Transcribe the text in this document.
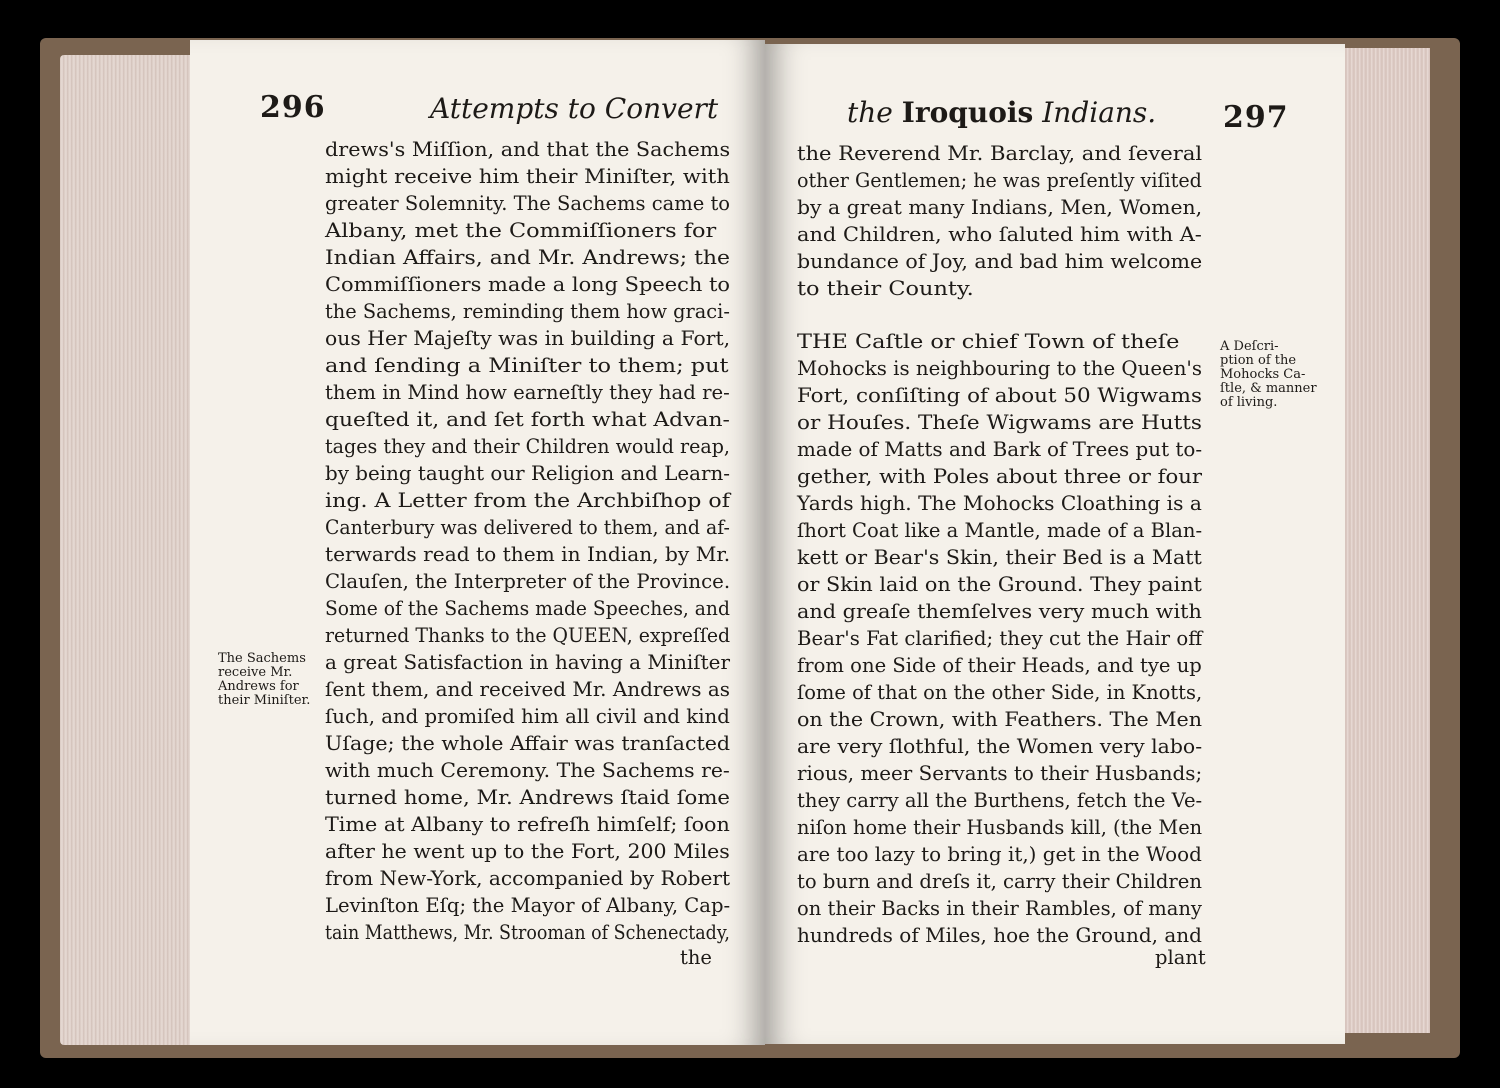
296	Attempts to Convert
drews's Miſſion, and that the Sachems
might receive him their Miniſter, with
greater Solemnity. The Sachems came to
Albany, met the Commiſſioners for
Indian Affairs, and Mr. Andrews; the
Commiſſioners made a long Speech to
the Sachems, reminding them how graci-
ous Her Majeſty was in building a Fort,
and ſending a Miniſter to them; put
them in Mind how earneſtly they had re-
queſted it, and ſet forth what Advan-
tages they and their Children would reap,
by being taught our Religion and Learn-
ing. A Letter from the Archbiſhop of
Canterbury was delivered to them, and af-
terwards read to them in Indian, by Mr.
Clauſen, the Interpreter of the Province.
Some of the Sachems made Speeches, and
returned Thanks to the QUEEN, expreſſed
a great Satisfaction in having a Miniſter
ſent them, and received Mr. Andrews as
ſuch, and promiſed him all civil and kind
Uſage; the whole Affair was tranſacted
with much Ceremony. The Sachems re-
turned home, Mr. Andrews ſtaid ſome
Time at Albany to refreſh himſelf; ſoon
after he went up to the Fort, 200 Miles
from New-York, accompanied by Robert
Levinſton Eſq; the Mayor of Albany, Cap-
tain Matthews, Mr. Strooman of Schenectady,
the
The Sachems
receive Mr.
Andrews for
their Miniſter.
the Iroquois Indians. 297
the Reverend Mr. Barclay, and ſeveral
other Gentlemen; he was preſently viſited
by a great many Indians, Men, Women,
and Children, who ſaluted him with A-
bundance of Joy, and bad him welcome
to their County.
THE Caſtle or chief Town of theſe
Mohocks is neighbouring to the Queen's
Fort, conſiſting of about 50 Wigwams
or Houſes. Theſe Wigwams are Hutts
made of Matts and Bark of Trees put to-
gether, with Poles about three or four
Yards high. The Mohocks Cloathing is a
ſhort Coat like a Mantle, made of a Blan-
kett or Bear's Skin, their Bed is a Matt
or Skin laid on the Ground. They paint
and greaſe themſelves very much with
Bear's Fat clarified; they cut the Hair off
from one Side of their Heads, and tye up
ſome of that on the other Side, in Knotts,
on the Crown, with Feathers. The Men
are very ſlothful, the Women very labo-
rious, meer Servants to their Husbands;
they carry all the Burthens, fetch the Ve-
niſon home their Husbands kill, (the Men
are too lazy to bring it,) get in the Wood
to burn and dreſs it, carry their Children
on their Backs in their Rambles, of many
hundreds of Miles, hoe the Ground, and
plant
A Deſcri-
ption of the
Mohocks Ca-
ſtle, & manner
of living.
